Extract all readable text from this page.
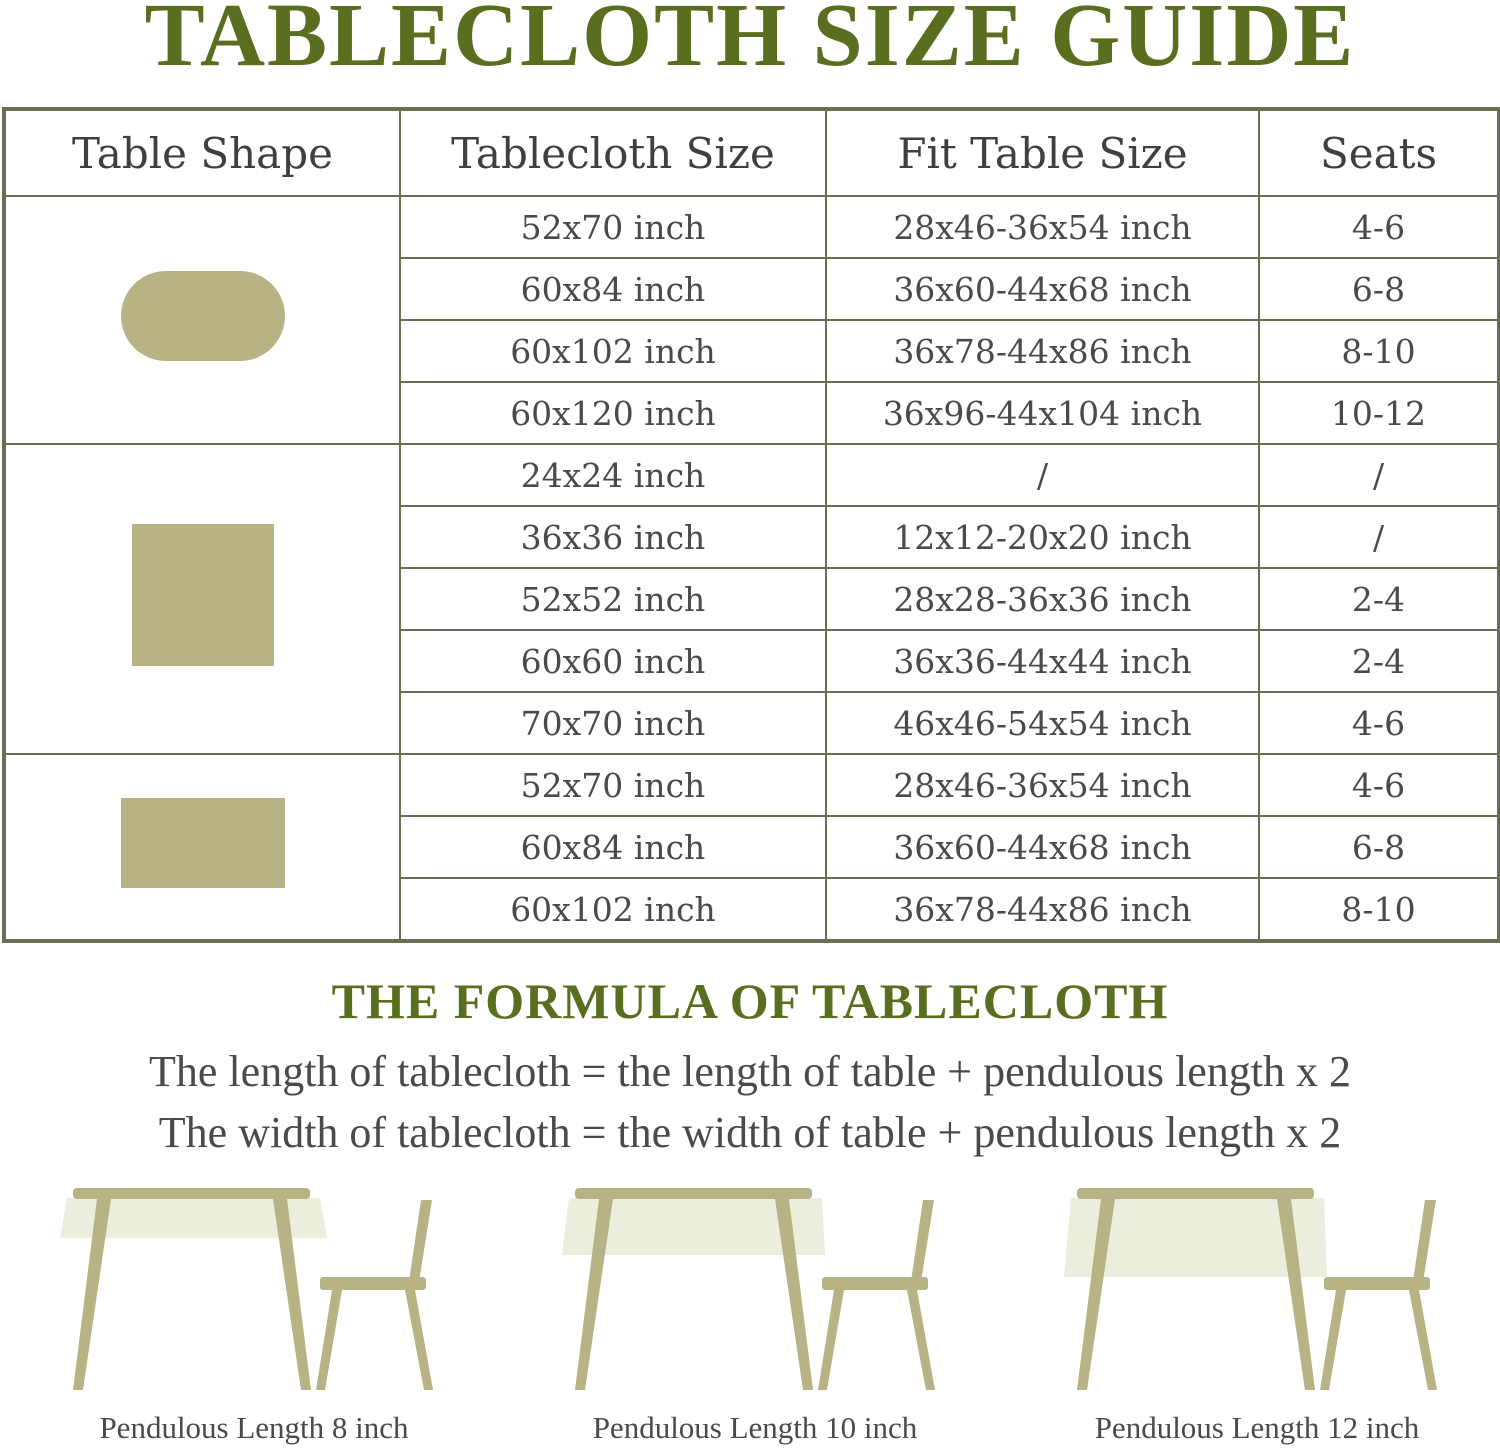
TABLECLOTH SIZE GUIDE
Table Shape	Tablecloth Size	Fit Table Size	Seats
	52x70 inch	28x46-36x54 inch	4-6
	60x84 inch	36x60-44x68 inch	6-8
	60x102 inch	36x78-44x86 inch	8-10
	60x120 inch	36x96-44x104 inch	10-12
	24x24 inch	/	/
	36x36 inch	12x12-20x20 inch	/
	52x52 inch	28x28-36x36 inch	2-4
	60x60 inch	36x36-44x44 inch	2-4
	70x70 inch	46x46-54x54 inch	4-6
	52x70 inch	28x46-36x54 inch	4-6
	60x84 inch	36x60-44x68 inch	6-8
	60x102 inch	36x78-44x86 inch	8-10
THE FORMULA OF TABLECLOTH

The length of tablecloth = the length of table + pendulous length x 2

The width of tablecloth = the width of table + pendulous length x 2

Pendulous Length 8 inch	Pendulous Length 10 inch	Pendulous Length 12 inch
